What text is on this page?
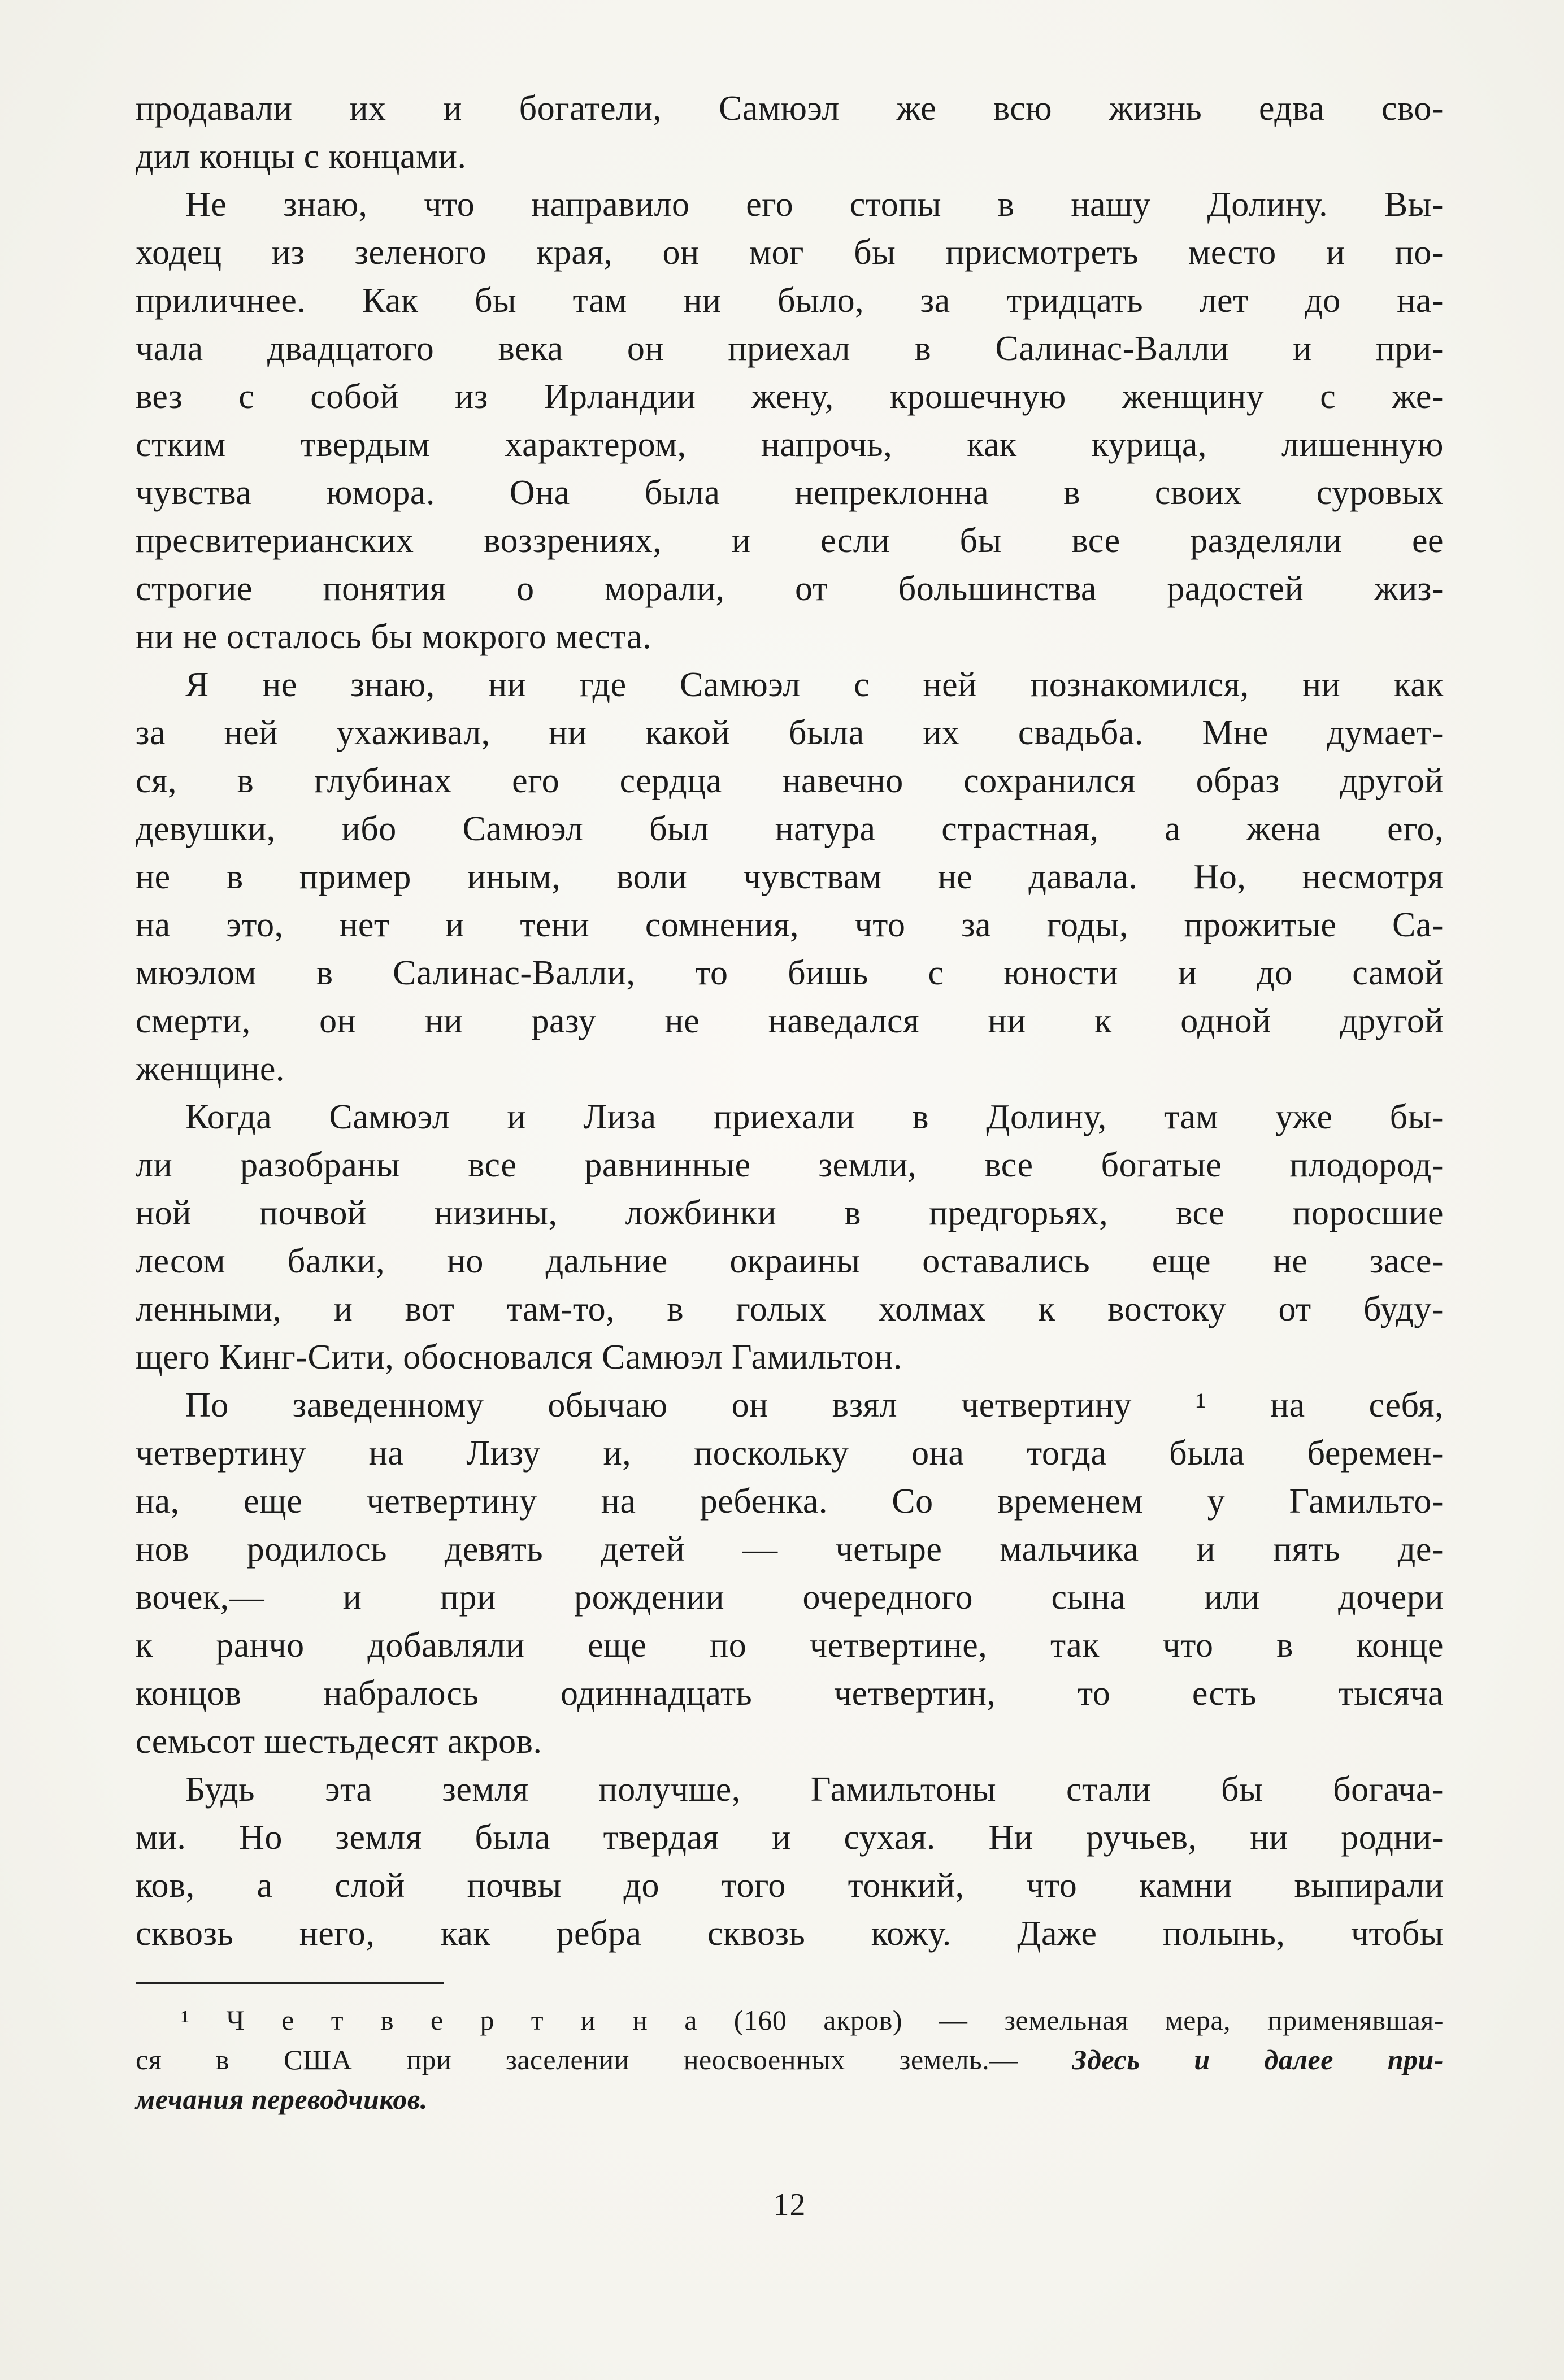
продавали их и богатели, Самюэл же всю жизнь едва сво-
дил концы с концами.
Не знаю, что направило его стопы в нашу Долину. Вы-
ходец из зеленого края, он мог бы присмотреть место и по-
приличнее. Как бы там ни было, за тридцать лет до на-
чала двадцатого века он приехал в Салинас-Валли и при-
вез с собой из Ирландии жену, крошечную женщину с же-
стким твердым характером, напрочь, как курица, лишенную
чувства юмора. Она была непреклонна в своих суровых
пресвитерианских воззрениях, и если бы все разделяли ее
строгие понятия о морали, от большинства радостей жиз-
ни не осталось бы мокрого места.
Я не знаю, ни где Самюэл с ней познакомился, ни как
за ней ухаживал, ни какой была их свадьба. Мне думает-
ся, в глубинах его сердца навечно сохранился образ другой
девушки, ибо Самюэл был натура страстная, а жена его,
не в пример иным, воли чувствам не давала. Но, несмотря
на это, нет и тени сомнения, что за годы, прожитые Са-
мюэлом в Салинас-Валли, то бишь с юности и до самой
смерти, он ни разу не наведался ни к одной другой
женщине.
Когда Самюэл и Лиза приехали в Долину, там уже бы-
ли разобраны все равнинные земли, все богатые плодород-
ной почвой низины, ложбинки в предгорьях, все поросшие
лесом балки, но дальние окраины оставались еще не засе-
ленными, и вот там-то, в голых холмах к востоку от буду-
щего Кинг-Сити, обосновался Самюэл Гамильтон.
По заведенному обычаю он взял четвертину ¹ на себя,
четвертину на Лизу и, поскольку она тогда была беремен-
на, еще четвертину на ребенка. Со временем у Гамильто-
нов родилось девять детей — четыре мальчика и пять де-
вочек,— и при рождении очередного сына или дочери
к ранчо добавляли еще по четвертине, так что в конце
концов набралось одиннадцать четвертин, то есть тысяча
семьсот шестьдесят акров.
Будь эта земля получше, Гамильтоны стали бы богача-
ми. Но земля была твердая и сухая. Ни ручьев, ни родни-
ков, а слой почвы до того тонкий, что камни выпирали
сквозь него, как ребра сквозь кожу. Даже полынь, чтобы
¹ Ч е т в е р т и н а (160 акров) — земельная мера, применявшая-
ся в США при заселении неосвоенных земель.— Здесь и далее при-
мечания переводчиков.
12
